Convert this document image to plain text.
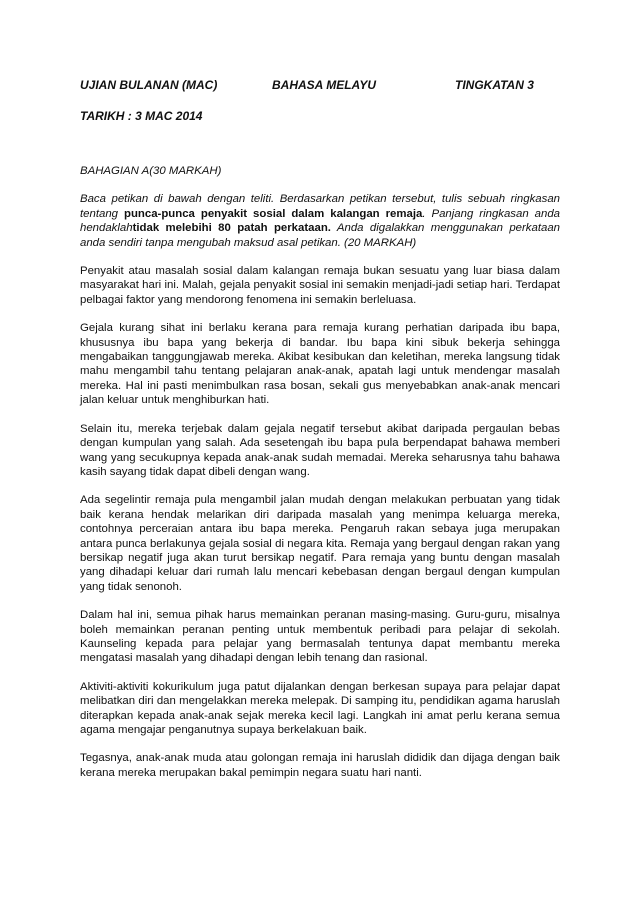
UJIAN BULANAN (MAC)	BAHASA MELAYU	TINGKATAN 3
TARIKH : 3 MAC 2014

BAHAGIAN A(30 MARKAH)

Baca petikan di bawah dengan teliti. Berdasarkan petikan tersebut, tulis sebuah ringkasan tentang punca-punca penyakit sosial dalam kalangan remaja. Panjang ringkasan anda hendaklahtidak melebihi 80 patah perkataan. Anda digalakkan menggunakan perkataan anda sendiri tanpa mengubah maksud asal petikan. (20 MARKAH)

Penyakit atau masalah sosial dalam kalangan remaja bukan sesuatu yang luar biasa dalam masyarakat hari ini. Malah, gejala penyakit sosial ini semakin menjadi-jadi setiap hari. Terdapat pelbagai faktor yang mendorong fenomena ini semakin berleluasa.

Gejala kurang sihat ini berlaku kerana para remaja kurang perhatian daripada ibu bapa, khususnya ibu bapa yang bekerja di bandar. Ibu bapa kini sibuk bekerja sehingga mengabaikan tanggungjawab mereka. Akibat kesibukan dan keletihan, mereka langsung tidak mahu mengambil tahu tentang pelajaran anak-anak, apatah lagi untuk mendengar masalah mereka. Hal ini pasti menimbulkan rasa bosan, sekali gus menyebabkan anak-anak mencari jalan keluar untuk menghiburkan hati.

Selain itu, mereka terjebak dalam gejala negatif tersebut akibat daripada pergaulan bebas dengan kumpulan yang salah. Ada sesetengah ibu bapa pula berpendapat bahawa memberi wang yang secukupnya kepada anak-anak sudah memadai. Mereka seharusnya tahu bahawa kasih sayang tidak dapat dibeli dengan wang.

Ada segelintir remaja pula mengambil jalan mudah dengan melakukan perbuatan yang tidak baik kerana hendak melarikan diri daripada masalah yang menimpa keluarga mereka, contohnya perceraian antara ibu bapa mereka. Pengaruh rakan sebaya juga merupakan antara punca berlakunya gejala sosial di negara kita. Remaja yang bergaul dengan rakan yang bersikap negatif juga akan turut bersikap negatif. Para remaja yang buntu dengan masalah yang dihadapi keluar dari rumah lalu mencari kebebasan dengan bergaul dengan kumpulan yang tidak senonoh.

Dalam hal ini, semua pihak harus memainkan peranan masing-masing. Guru-guru, misalnya boleh memainkan peranan penting untuk membentuk peribadi para pelajar di sekolah. Kaunseling kepada para pelajar yang bermasalah tentunya dapat membantu mereka mengatasi masalah yang dihadapi dengan lebih tenang dan rasional.

Aktiviti-aktiviti kokurikulum juga patut dijalankan dengan berkesan supaya para pelajar dapat melibatkan diri dan mengelakkan mereka melepak. Di samping itu, pendidikan agama haruslah diterapkan kepada anak-anak sejak mereka kecil lagi. Langkah ini amat perlu kerana semua agama mengajar penganutnya supaya berkelakuan baik.

Tegasnya, anak-anak muda atau golongan remaja ini haruslah dididik dan dijaga dengan baik kerana mereka merupakan bakal pemimpin negara suatu hari nanti.
